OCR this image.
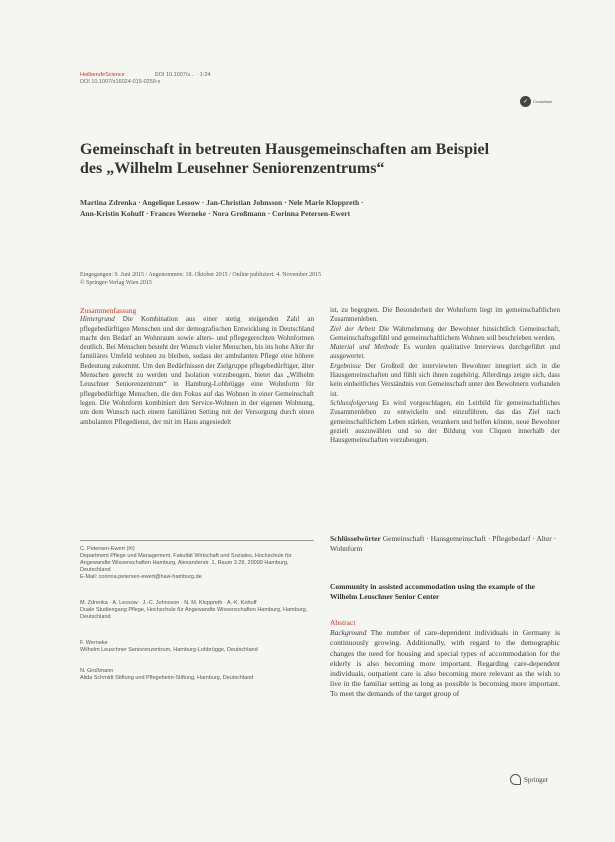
HeilberufeScience	DOI 10.1007/s... · 1-24
DOI 10.1007/s16024-015-0259-x
✓	CrossMark
Gemeinschaft in betreuten Hausgemeinschaften am Beispiel des „Wilhelm Leusehner Seniorenzentrums“
Martina Zdrenka · Angelique Lessow · Jan-Christian Johnsson · Nele Marie Kloppreth · Ann-Kristin Kohuff · Frances Werneke · Nora Großmann · Corinna Petersen-Ewert
Eingegangen: 9. Juni 2015 / Angenommen: 18. Oktober 2015 / Online publiziert: 4. November 2015
© Springer-Verlag Wien 2015
Zusammenfassung
Hintergrund Die Kombination aus einer stetig steigenden Zahl an pflegebedürftigen Menschen und der demografischen Entwicklung in Deutschland macht den Bedarf an Wohnraum sowie alters- und pflegegerechten Wohnformen deutlich. Bei Menschen besteht der Wunsch vieler Menschen, bis ins hohe Alter ihr familiäres Umfeld wohnen zu bleiben, sodass der ambulanten Pflege eine höhere Bedeutung zukommt. Um den Bedürfnissen der Zielgruppe pflegebedürftiger, älter Menschen gerecht zu werden und Isolation vorzubeugen, bietet das „Wilhelm Leuschner Seniorenzentrum“ in Hamburg-Lohbrügge eine Wohnform für pflegebedürftige Menschen, die den Fokus auf das Wohnen in einer Gemeinschaft legen. Die Wohnform kombiniert den Service-Wohnen in der eigenen Wohnung, um dem Wunsch nach einem familiären Setting mit der Versorgung durch einen ambulanten Pflegedienst, der mit im Haus angesiedelt
ist, zu begegnen. Die Besonderheit der Wohnform liegt im gemeinschaftlichen Zusammenleben.
Ziel der Arbeit Die Wahrnehmung der Bewohner hinsichtlich Gemeinschaft, Gemeinschaftsgefühl und gemeinschaftlichem Wohnen soll beschrieben werden.
Material und Methode Es wurden qualitative Interviews durchgeführt und ausgewertet.
Ergebnisse Der Großteil der interviewten Bewohner integriert sich in die Hausgemeinschaften und fühlt sich ihnen zugehörig. Allerdings zeigte sich, dass kein einheitliches Verständnis von Gemeinschaft unter den Bewohnern vorhanden ist.
Schlussfolgerung Es wird vorgeschlagen, ein Leitbild für gemeinschaftliches Zusammenleben zu entwickeln und einzuführen, das das Ziel nach gemeinschaftlichem Leben stärken, verankern und helfen könnte, neue Bewohner gezielt auszuwählen und so der Bildung von Cliquen innerhalb der Hausgemeinschaften vorzubeugen.
C. Petersen-Ewert (✉)
Department Pflege und Management, Fakultät Wirtschaft und Soziales, Hochschule für Angewandte Wissenschaften Hamburg, Alexanderstr. 1, Raum 3.29, 20099 Hamburg, Deutschland
E-Mail: corinna.petersen-ewert@haw-hamburg.de
M. Zdrenka · A. Lessow · J.-C. Johnsson · N. M. Kloppreth · A.-K. Kohuff
Duale Studiengang Pflege, Hochschule für Angewandte Wissenschaften Hamburg, Hamburg, Deutschland
F. Werneke
Wilhelm Leuschner Seniorenzentrum, Hamburg-Lohbrügge, Deutschland
N. Großmann
Alida Schmidt Stiftung und Pflegeheim-Stiftung, Hamburg, Deutschland
Schlüsselwörter Gemeinschaft · Hausgemeinschaft · Pflegebedarf · Alter · Wohnform
Community in assisted accommodation using the example of the Wilhelm Leuschner Senior Center
Abstract
Background The number of care-dependent individuals in Germany is continuously growing. Additionally, with regard to the demographic changes the need for housing and special types of accommodation for the elderly is also becoming more important. Regarding care-dependent individuals, outpatient care is also becoming more relevant as the wish to live in the familiar setting as long as possible is becoming more important. To meet the demands of the target group of
Springer
